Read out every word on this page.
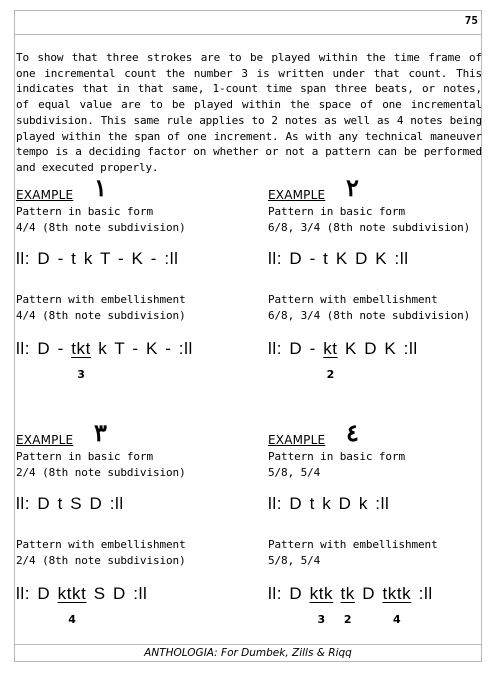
75

To show that three strokes are to be played within the time frame of one incremental count the number 3 is written under that count. This indicates that in that same, 1-count time span three beats, or notes, of equal value are to be played within the space of one incremental subdivision. This same rule applies to 2 notes as well as 4 notes being played within the span of one increment. As with any technical maneuver tempo is a deciding factor on whether or not a pattern can be performed and executed properly.

EXAMPLE ١
Pattern in basic form
4/4 (8th note subdivision)
ll: D - t k T - K - :ll
Pattern with embellishment
4/4 (8th note subdivision)
ll: D - tkt
3
k T - K - :ll
EXAMPLE ٢
Pattern in basic form
6/8, 3/4 (8th note subdivision)
ll: D - t K D K :ll
Pattern with embellishment
6/8, 3/4 (8th note subdivision)
ll: D - kt
2
K D K :ll
EXAMPLE ٣
Pattern in basic form
2/4 (8th note subdivision)
ll: D t S D :ll
Pattern with embellishment
2/4 (8th note subdivision)
ll: D ktkt
4
S D :ll
EXAMPLE ٤
Pattern in basic form
5/8, 5/4
ll: D t k D k :ll
Pattern with embellishment
5/8, 5/4
ll: D ktk
3

tk
2
D tktk
4
:ll
ANTHOLOGIA: For Dumbek, Zills & Riqq
